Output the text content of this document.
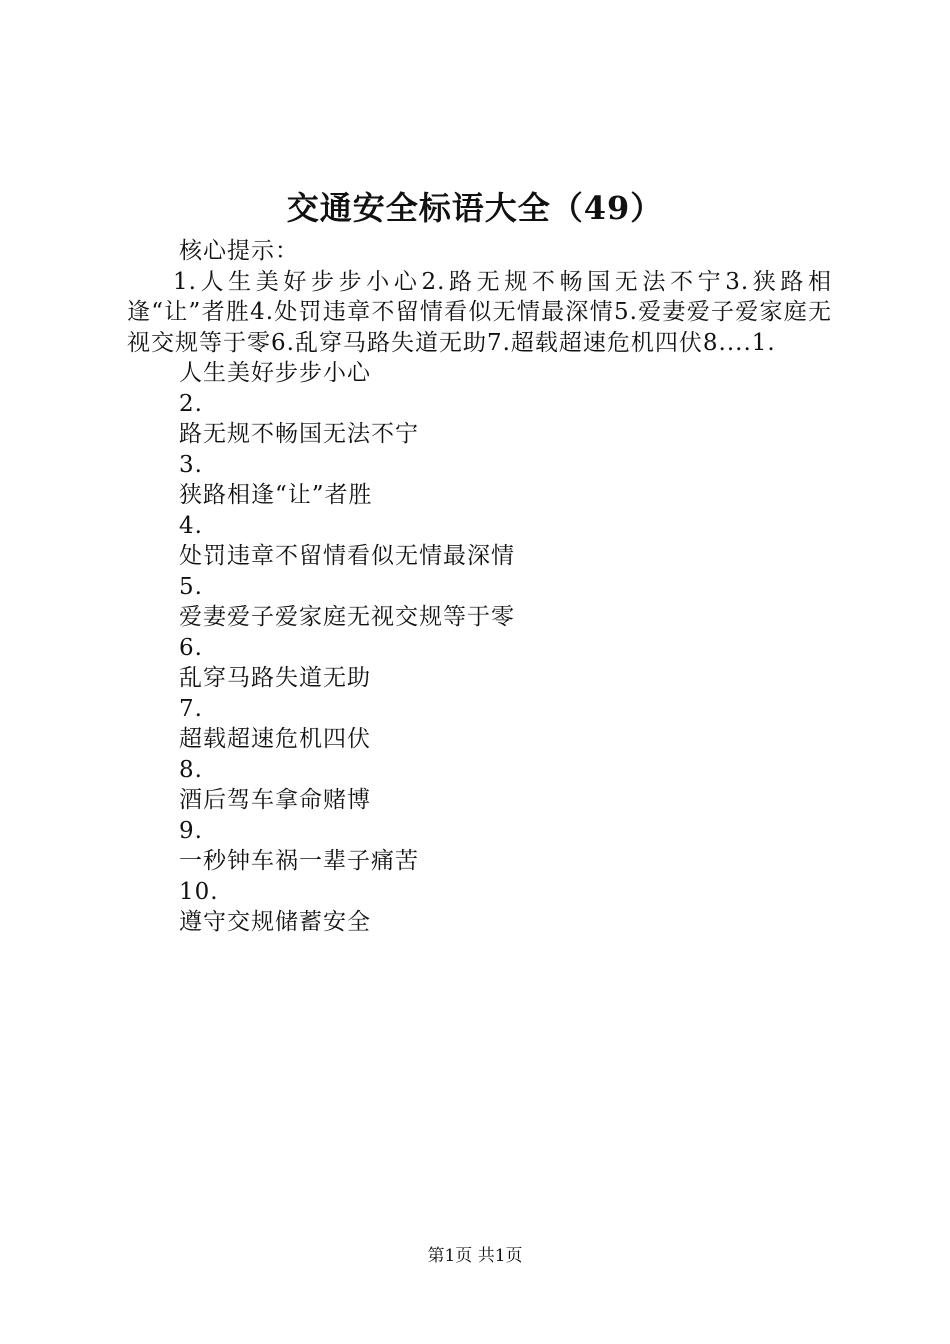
交通安全标语大全（49）
核心提示：
1.人生美好步步小心2.路无规不畅国无法不宁3.狭路相逢“让”者胜4.处罚违章不留情看似无情最深情5.爱妻爱子爱家庭无视交规等于零6.乱穿马路失道无助7.超载超速危机四伏8....1.
人生美好步步小心
2.
路无规不畅国无法不宁
3.
狭路相逢“让”者胜
4.
处罚违章不留情看似无情最深情
5.
爱妻爱子爱家庭无视交规等于零
6.
乱穿马路失道无助
7.
超载超速危机四伏
8.
酒后驾车拿命赌博
9.
一秒钟车祸一辈子痛苦
10.
遵守交规储蓄安全
第1页 共1页
